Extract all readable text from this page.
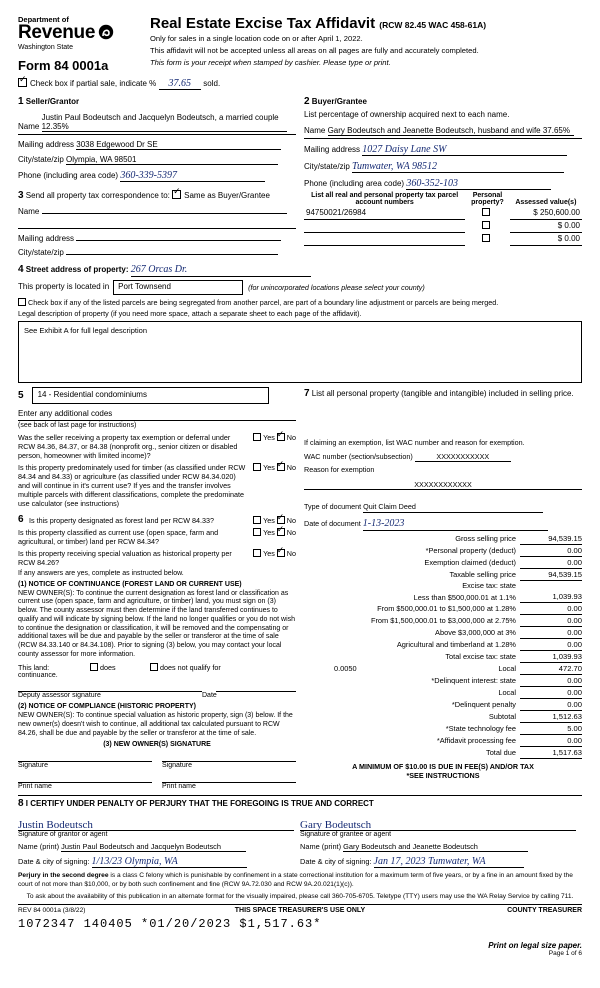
Department of
Revenue
Washington State
Form 84 0001a
Real Estate Excise Tax Affidavit (RCW 82.45 WAC 458-61A)
Only for sales in a single location code on or after April 1, 2022.
This affidavit will not be accepted unless all areas on all pages are fully and accurately completed.
This form is your receipt when stamped by cashier. Please type or print.
✓Check box if partial sale, indicate % 37.65 sold.
1 Seller/Grantor
Name Justin Paul Bodeutsch and Jacquelyn Bodeutsch, a married couple 12.35%
Mailing address 3038 Edgewood Dr SE
City/state/zip Olympia, WA 98501
Phone (including area code) 360-339-5397
3 Send all property tax correspondence to: ✓ Same as Buyer/Grantee
Name
Mailing address
City/state/zip
2 Buyer/Grantee
List percentage of ownership acquired next to each name.
Name Gary Bodeutsch and Jeanette Bodeutsch, husband and wife 37.65%
Mailing address 1027 Daisy Lane SW
City/state/zip Tumwater, WA 98512
Phone (including area code) 360-352-103
List all real and personal property tax parcel account numbers	Personal property?	Assessed value(s)
94750021/26984		$ 250,600.00
		$ 0.00
		$ 0.00
4 Street address of property: 267 Orcas Dr.
This property is located in	Port Townsend	(for unincorporated locations please select your county)
Check box if any of the listed parcels are being segregated from another parcel, are part of a boundary line adjustment or parcels are being merged.
Legal description of property (if you need more space, attach a separate sheet to each page of the affidavit).
See Exhibit A for full legal description
5	14 - Residential condominiums
Enter any additional codes
(see back of last page for instructions)
Was the seller receiving a property tax exemption or deferral under RCW 84.36, 84.37, or 84.38 (nonprofit org., senior citizen or disabled person, homeowner with limited income)?
Yes ✓No
Is this property predominately used for timber (as classified under RCW 84.34 and 84.33) or agriculture (as classified under RCW 84.34.020) and will continue in it's current use? If yes and the transfer involves multiple parcels with different classifications, complete the predominate use calculator (see instructions)
Yes ✓No
6 Is this property designated as forest land per RCW 84.33?	Yes ✓No
Is this property classified as current use (open space, farm and agricultural, or timber) land per RCW 84.34?
Yes ✓No
Is this property receiving special valuation as historical property per RCW 84.26?
Yes ✓No
If any answers are yes, complete as instructed below.
(1) NOTICE OF CONTINUANCE (FOREST LAND OR CURRENT USE)
NEW OWNER(S): To continue the current designation as forest land or classification as current use (open space, farm and agriculture, or timber) land, you must sign on (3) below. The county assessor must then determine if the land transferred continues to qualify and will indicate by signing below. If the land no longer qualifies or you do not wish to continue the designation or classification, it will be removed and the compensating or additional taxes will be due and payable by the seller or transferor at the time of sale (RCW 84.33.140 or 84.34.108). Prior to signing (3) below, you may contact your local county assessor for more information.
This land:	does	does not qualify for
continuance.
Deputy assessor signature	Date
(2) NOTICE OF COMPLIANCE (HISTORIC PROPERTY)
NEW OWNER(S): To continue special valuation as historic property, sign (3) below. If the new owner(s) doesn't wish to continue, all additional tax calculated pursuant to RCW 84.26, shall be due and payable by the seller or transferor at the time of sale.
(3) NEW OWNER(S) SIGNATURE
Signature	Signature
Print name	Print name
7 List all personal property (tangible and intangible) included in selling price.
If claiming an exemption, list WAC number and reason for exemption.
WAC number (section/subsection)	XXXXXXXXXXX
Reason for exemption
XXXXXXXXXXXX
Type of document Quit Claim Deed
Date of document 1-13-2023
Gross selling price	94,539.15
*Personal property (deduct)	0.00
Exemption claimed (deduct)	0.00
Taxable selling price	94,539.15
Excise tax: state	
Less than $500,000.01 at 1.1%	1,039.93
From $500,000.01 to $1,500,000 at 1.28%	0.00
From $1,500,000.01 to $3,000,000 at 2.75%	0.00
Above $3,000,000 at 3%	0.00
Agricultural and timberland at 1.28%	0.00
Total excise tax: state	1,039.93

0.0050 Local	472.70
*Delinquent interest: state	0.00
Local	0.00
*Delinquent penalty	0.00
Subtotal	1,512.63
*State technology fee	5.00
*Affidavit processing fee	0.00
Total due	1,517.63
A MINIMUM OF $10.00 IS DUE IN FEE(S) AND/OR TAX
*SEE INSTRUCTIONS
8 I CERTIFY UNDER PENALTY OF PERJURY THAT THE FOREGOING IS TRUE AND CORRECT
Justin Bodeutsch
Signature of grantor or agent
Name (print) Justin Paul Bodeutsch and Jacquelyn Bodeutsch
Date & city of signing: 1/13/23 Olympia, WA
Gary Bodeutsch
Signature of grantee or agent
Name (print) Gary Bodeutsch and Jeanette Bodeutsch
Date & city of signing: Jan 17, 2023 Tumwater, WA
Perjury in the second degree is a class C felony which is punishable by confinement in a state correctional institution for a maximum term of five years, or by a fine in an amount fixed by the court of not more than $10,000, or by both such confinement and fine (RCW 9A.72.030 and RCW 9A.20.021(1)(c)).
To ask about the availability of this publication in an alternate format for the visually impaired, please call 360-705-6705. Teletype (TTY) users may use the WA Relay Service by calling 711.
REV 84 0001a (3/8/22)	THIS SPACE TREASURER'S USE ONLY	COUNTY TREASURER
1072347 140405 *01/20/2023 $1,517.63*
Print on legal size paper.
Page 1 of 6
